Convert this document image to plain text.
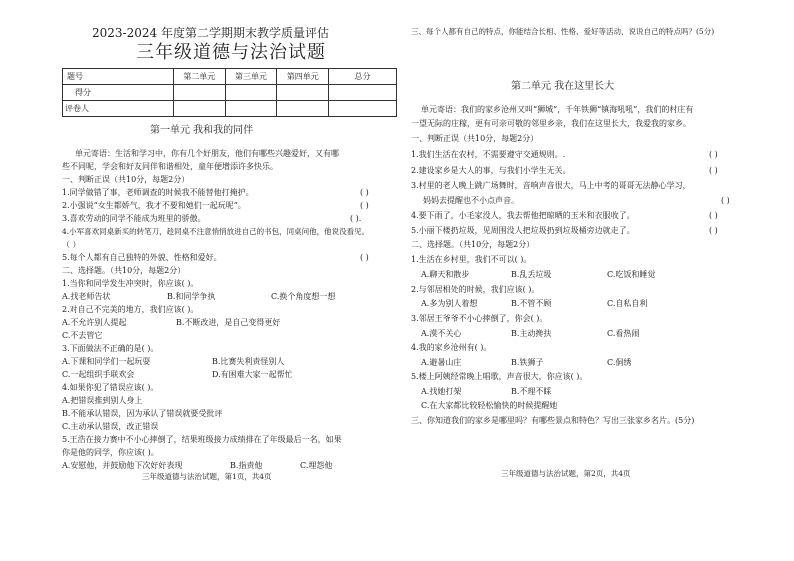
2023-2024 年度第二学期期末教学质量评估
三年级道德与法治试题
题号	第二单元	第三单元	第四单元	总分
得分				
评卷人				
第一单元 我和我的同伴
单元寄语：生活和学习中，你有几个好朋友，他们有哪些兴趣爱好，又有哪
些不同呢，学会和好友同伴和谐相处，童年便增添许多快乐。
一、判断正误（共10分，每题2分）
1.同学做错了事，老师调查的时候我不能替他打掩护。	( )
2.小强说“女生都娇气，我才不要和她们一起玩呢”。	( )
3.喜欢劳动的同学不能成为班里的骄傲。	( ).
4.小军喜欢同桌新买的转笔刀，趁同桌不注意悄悄放进自己的书包，同桌问他，他说没看见。
（ ）
5.每个人都有自己独特的外貌、性格和爱好。	( )
二、选择题。（共10分，每题2分）
1.当你和同学发生冲突时，你应该( )。
A.找老师告状	B.和同学争执	C.换个角度想一想
2.对自己不完美的地方，我们应该( )。
A.不允许别人提起	B.不断改进，是自己变得更好
C.不去管它
3.下面做法不正确的是( )。
A.下课和同学们一起玩耍	B.比赛失利责怪别人
C.一起组织手联欢会	D.有困难大家一起帮忙
4.如果你犯了错误应该( )。
A.把错误推到别人身上
B.不能承认错误，因为承认了错误就要受批评
C.主动承认错误，改正错误
5.王浩在接力赛中不小心摔倒了，结果班级接力成绩排在了年级最后一名，如果
你是他的同学，你应该( )。
A.安慰他，并鼓励他下次好好表现	B.指责他	C.埋怨他
三年级道德与法治试题，第1页，共4页
三、每个人都有自己的特点，你能结合长相、性格、爱好等活动，说说自己的特点吗？(5分)
第二单元 我在这里长大
单元寄语：我们的家乡沧州又叫“狮城”，千年铁狮“镇海吼吼”，我们的村庄有
一望无际的庄稼，更有可亲可敬的邻里乡亲，我们在这里长大，我爱我的家乡。
一、判断正误（共10分，每题2分）
1.我们生活在农村，不需要遵守交通规则。.	( )
2.建设家乡是大人的事，与我们小学生无关。	( )
3.村里的老人晚上跳广场舞时，音响声音很大，马上中考的哥哥无法静心学习，
妈妈去提醒也不小点声音。	( )
4.要下雨了，小毛家没人，我去帮他把晾晒的玉米和衣服收了。	( )
5.小丽下楼扔垃圾，见周围没人把垃圾扔到垃圾桶旁边就走了。	( )
二、选择题。（共10分，每题2分）
1.生活在乡村里，我们不可以( )。
A.聊天和散步	B.乱丢垃圾	C.吃饭和睡觉
2.与邻居相处的时候，我们应该( )。
A.多为别人着想	B.不管不顾	C.自私自利
3.邻居王爷爷不小心摔倒了，你会( )。
A.漠不关心	B.主动搀扶	C.看热闹
4.我的家乡沧州有( )。
A.避暑山庄	B.铁狮子	C.侗绣
5.楼上阿姨经常晚上唱歌，声音很大，你应该( )。
A.找她打架	B.不理不睬
C.在大家都比较轻松愉快的时候提醒她
三、你知道我们的家乡是哪里吗？有哪些景点和特色？写出三张家乡名片。(5分)
三年级道德与法治试题，第2页，共4页
